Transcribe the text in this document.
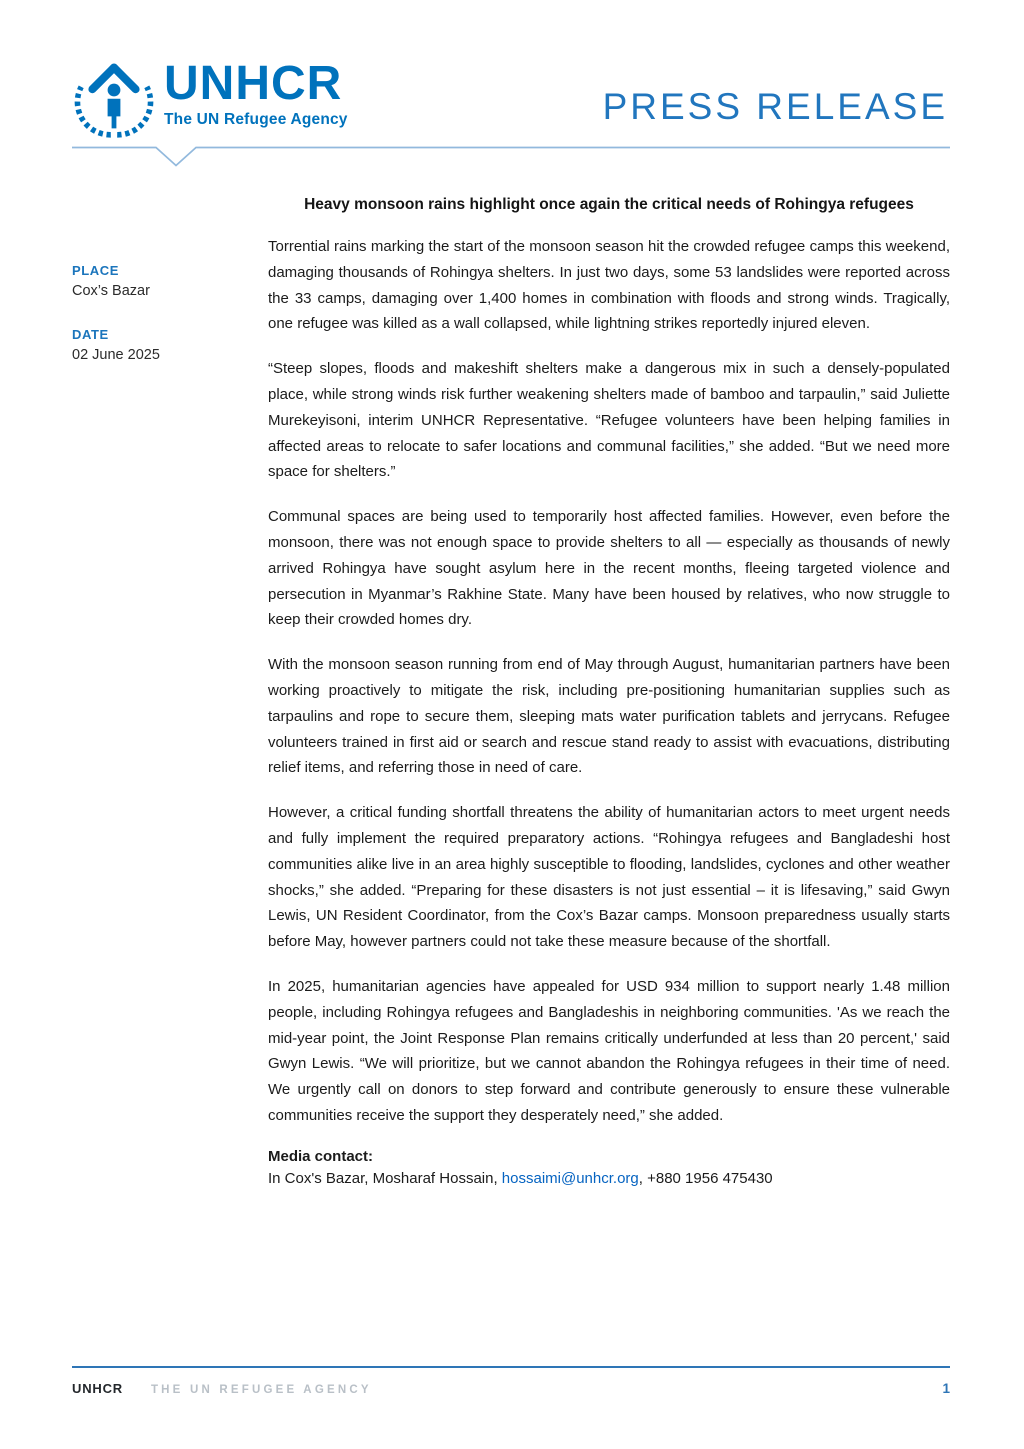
UNHCR
The UN Refugee Agency	PRESS RELEASE
PLACE
Cox’s Bazar
DATE
02 June 2025
Heavy monsoon rains highlight once again the critical needs of Rohingya refugees

Torrential rains marking the start of the monsoon season hit the crowded refugee camps this weekend, damaging thousands of Rohingya shelters. In just two days, some 53 landslides were reported across the 33 camps, damaging over 1,400 homes in combination with floods and strong winds. Tragically, one refugee was killed as a wall collapsed, while lightning strikes reportedly injured eleven.

“Steep slopes, floods and makeshift shelters make a dangerous mix in such a densely-populated place, while strong winds risk further weakening shelters made of bamboo and tarpaulin,” said Juliette Murekeyisoni, interim UNHCR Representative. “Refugee volunteers have been helping families in affected areas to relocate to safer locations and communal facilities,” she added. “But we need more space for shelters.”

Communal spaces are being used to temporarily host affected families. However, even before the monsoon, there was not enough space to provide shelters to all — especially as thousands of newly arrived Rohingya have sought asylum here in the recent months, fleeing targeted violence and persecution in Myanmar’s Rakhine State. Many have been housed by relatives, who now struggle to keep their crowded homes dry.

With the monsoon season running from end of May through August, humanitarian partners have been working proactively to mitigate the risk, including pre-positioning humanitarian supplies such as tarpaulins and rope to secure them, sleeping mats water purification tablets and jerrycans. Refugee volunteers trained in first aid or search and rescue stand ready to assist with evacuations, distributing relief items, and referring those in need of care.

However, a critical funding shortfall threatens the ability of humanitarian actors to meet urgent needs and fully implement the required preparatory actions. “Rohingya refugees and Bangladeshi host communities alike live in an area highly susceptible to flooding, landslides, cyclones and other weather shocks,” she added. “Preparing for these disasters is not just essential – it is lifesaving,” said Gwyn Lewis, UN Resident Coordinator, from the Cox’s Bazar camps. Monsoon preparedness usually starts before May, however partners could not take these measure because of the shortfall.

In 2025, humanitarian agencies have appealed for USD 934 million to support nearly 1.48 million people, including Rohingya refugees and Bangladeshis in neighboring communities. 'As we reach the mid-year point, the Joint Response Plan remains critically underfunded at less than 20 percent,' said Gwyn Lewis. “We will prioritize, but we cannot abandon the Rohingya refugees in their time of need. We urgently call on donors to step forward and contribute generously to ensure these vulnerable communities receive the support they desperately need,” she added.

Media contact:

In Cox's Bazar, Mosharaf Hossain, hossaimi@unhcr.org, +880 1956 475430

UNHCR THE UN REFUGEE AGENCY	1
